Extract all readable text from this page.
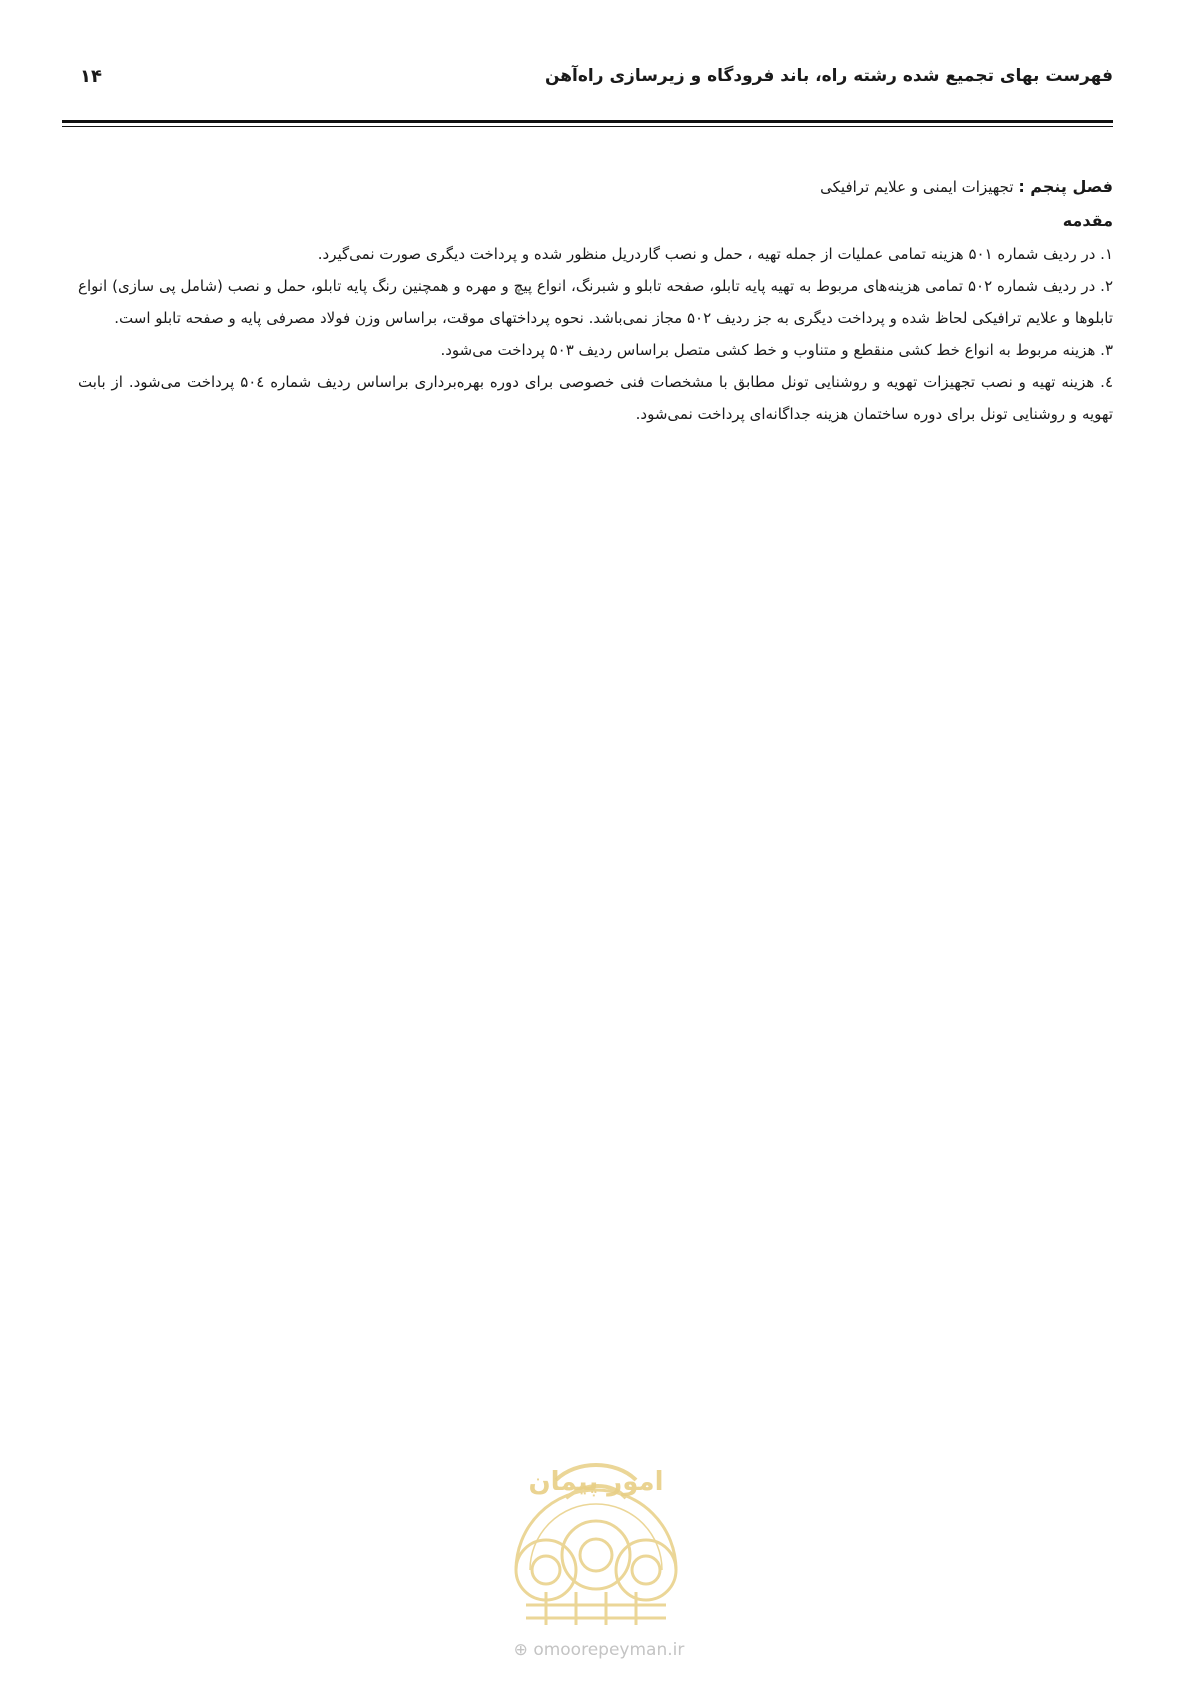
فهرست بهای تجمیع شده رشته راه، باند فرودگاه و زیرسازی راه‌آهن
۱۴

فصل پنجم : تجهیزات ایمنی و علایم ترافیکی

مقدمه

۱. در ردیف شماره ۵۰۱ هزینه تمامی عملیات از جمله تهیه ، حمل و نصب گاردریل منظور شده و پرداخت دیگری صورت نمی‌گیرد.

۲. در ردیف شماره ۵۰۲ تمامی هزینه‌های مربوط به تهیه پایه تابلو، صفحه تابلو و شبرنگ، انواع پیچ و مهره و همچنین رنگ پایه تابلو، حمل و نصب (شامل پی سازی) انواع تابلوها و علایم ترافیکی لحاظ شده و پرداخت دیگری به جز ردیف ۵۰۲ مجاز نمی‌باشد. نحوه پرداختهای موقت، براساس وزن فولاد مصرفی پایه و صفحه تابلو است.

۳. هزینه مربوط به انواع خط کشی منقطع و متناوب و خط کشی متصل براساس ردیف ۵۰۳ پرداخت می‌شود.

٤. هزینه تهیه و نصب تجهیزات تهویه و روشنایی تونل مطابق با مشخصات فنی خصوصی برای دوره بهره‌برداری براساس ردیف شماره ۵۰٤ پرداخت می‌شود. از بابت تهویه و روشنایی تونل برای دوره ساختمان هزینه جداگانه‌ای پرداخت نمی‌شود.

امور پیمان
⊕ omoorepeyman.ir
